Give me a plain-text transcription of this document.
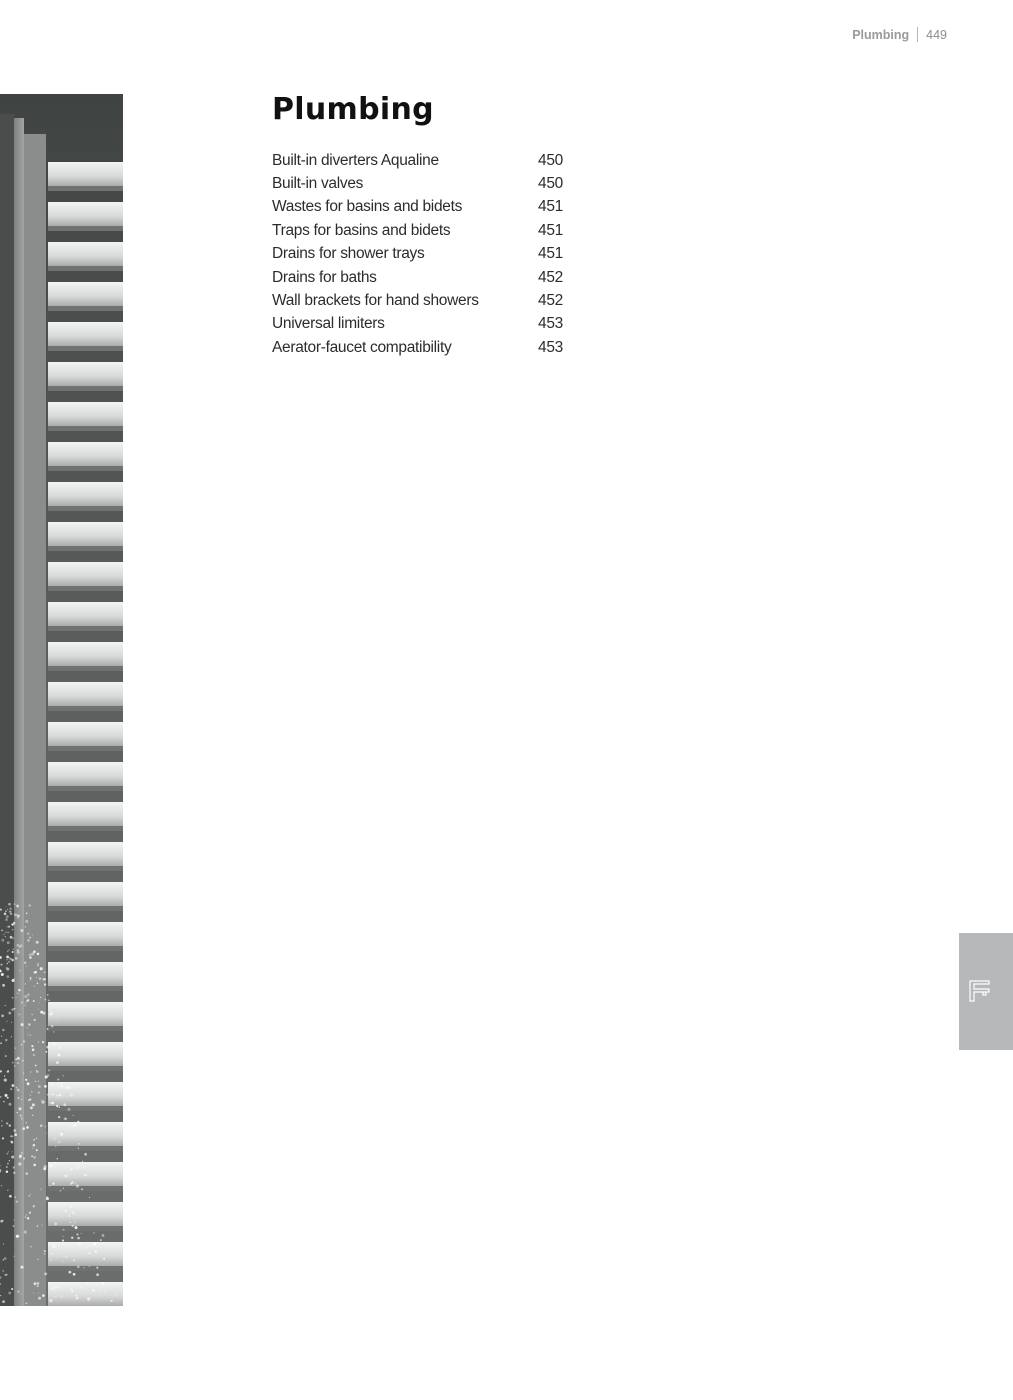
Plumbing 449
Plumbing
Built-in diverters Aqualine	450
Built-in valves	450
Wastes for basins and bidets	451
Traps for basins and bidets	451
Drains for shower trays	451
Drains for baths	452
Wall brackets for hand showers	452
Universal limiters	453
Aerator-faucet compatibility	453
